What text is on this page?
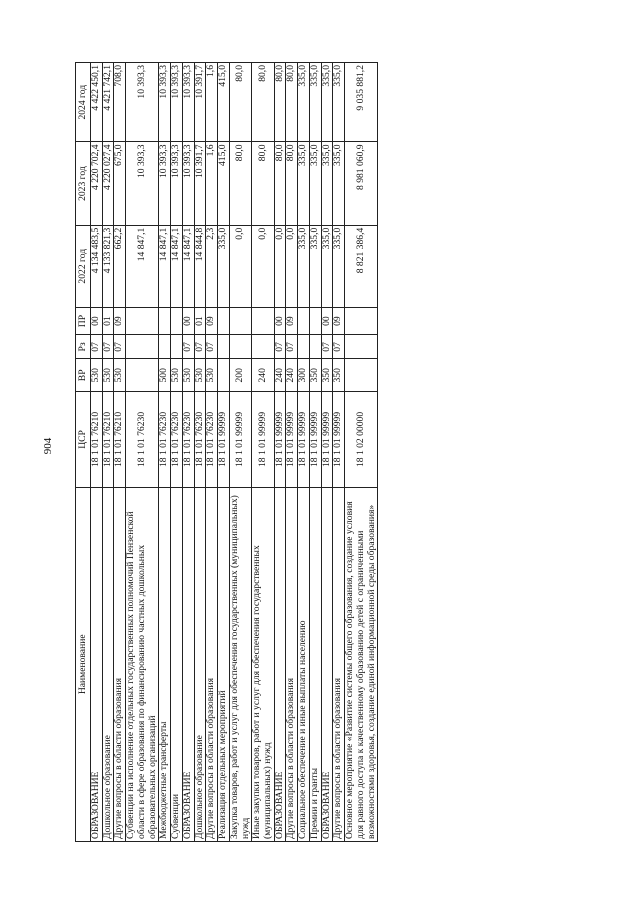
904
Наименование	ЦСР	ВР	Рз	ПР	2022 год	2023 год	2024 год
ОБРАЗОВАНИЕ	18 1 01 76210	530	07	00	4 134 483,5	4 220 702,4	4 422 450,1
Дошкольное образование	18 1 01 76210	530	07	01	4 133 821,3	4 220 027,4	4 421 742,1
Другие вопросы в области образования	18 1 01 76210	530	07	09	662,2	675,0	708,0
Субвенции на исполнение отдельных государственных полномочий Пензенской области в сфере образования по финансированию частных дошкольных образовательных организаций	18 1 01 76230				14 847,1	10 393,3	10 393,3
Межбюджетные трансферты	18 1 01 76230	500			14 847,1	10 393,3	10 393,3
Субвенции	18 1 01 76230	530			14 847,1	10 393,3	10 393,3
ОБРАЗОВАНИЕ	18 1 01 76230	530	07	00	14 847,1	10 393,3	10 393,3
Дошкольное образование	18 1 01 76230	530	07	01	14 844,8	10 391,7	10 391,7
Другие вопросы в области образования	18 1 01 76230	530	07	09	2,3	1,6	1,6
Реализация отдельных мероприятий	18 1 01 99999				335,0	415,0	415,0
Закупка товаров, работ и услуг для обеспечения государственных (муниципальных) нужд	18 1 01 99999	200			0,0	80,0	80,0
Иные закупки товаров, работ и услуг для обеспечения государственных (муниципальных) нужд	18 1 01 99999	240			0,0	80,0	80,0
ОБРАЗОВАНИЕ	18 1 01 99999	240	07	00	0,0	80,0	80,0
Другие вопросы в области образования	18 1 01 99999	240	07	09	0,0	80,0	80,0
Социальное обеспечение и иные выплаты населению	18 1 01 99999	300			335,0	335,0	335,0
Премии и гранты	18 1 01 99999	350			335,0	335,0	335,0
ОБРАЗОВАНИЕ	18 1 01 99999	350	07	00	335,0	335,0	335,0
Другие вопросы в области образования	18 1 01 99999	350	07	09	335,0	335,0	335,0
Основное мероприятие «Развитие системы общего образования, создание условия для равного доступа к качественному образованию детей с ограниченными возможностями здоровья, создание единой информационной среды образования»	18 1 02 00000				8 821 386,4	8 981 060,9	9 035 881,2
